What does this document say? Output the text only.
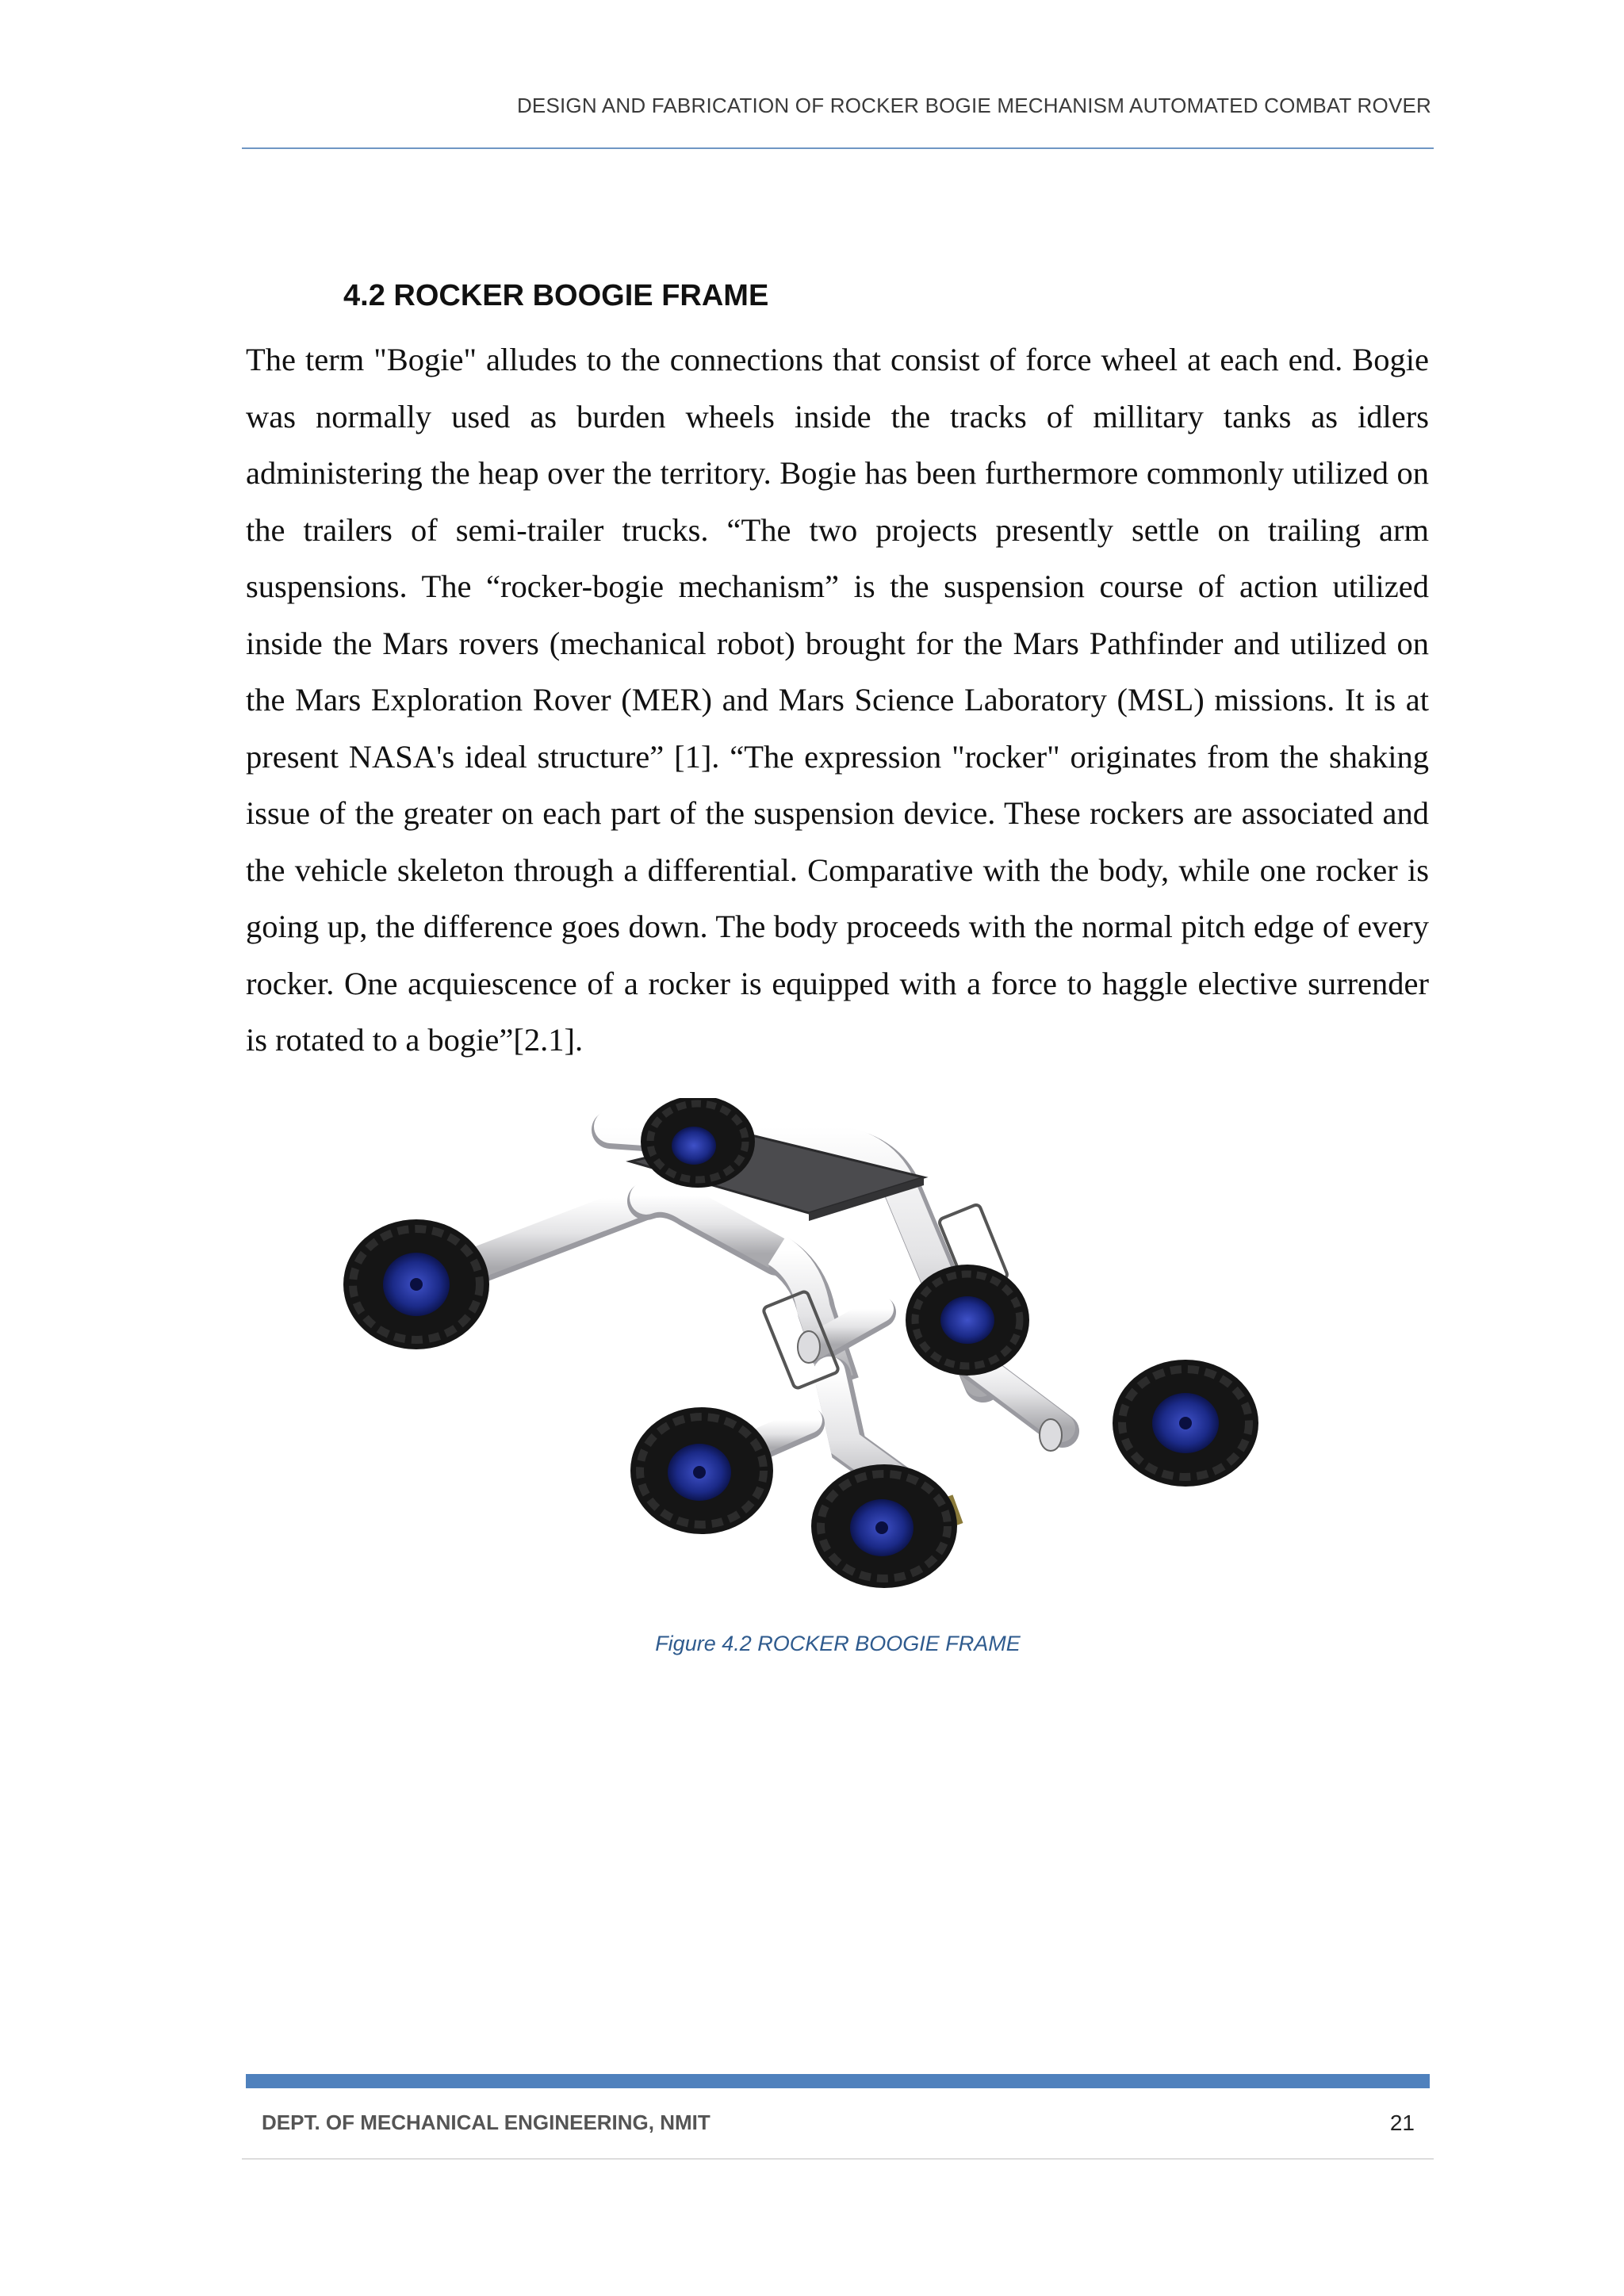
DESIGN AND FABRICATION OF ROCKER BOGIE MECHANISM AUTOMATED COMBAT ROVER
4.2 ROCKER BOOGIE FRAME

The term "Bogie" alludes to the connections that consist of force wheel at each end. Bogie was normally used as burden wheels inside the tracks of millitary tanks as idlers administering the heap over the territory. Bogie has been furthermore commonly utilized on the trailers of semi-trailer trucks. “The two projects presently settle on trailing arm suspensions. The “rocker-bogie mechanism” is the suspension course of action utilized inside the Mars rovers (mechanical robot) brought for the Mars Pathfinder and utilized on the Mars Exploration Rover (MER) and Mars Science Laboratory (MSL) missions. It is at present NASA's ideal structure” [1]. “The expression "rocker" originates from the shaking issue of the greater on each part of the suspension device. These rockers are associated and the vehicle skeleton through a differential. Comparative with the body, while one rocker is going up, the difference goes down. The body proceeds with the normal pitch edge of every rocker. One acquiescence of a rocker is equipped with a force to haggle elective surrender is rotated to a bogie”[2.1].

Figure 4.2 ROCKER BOOGIE FRAME
DEPT. OF MECHANICAL ENGINEERING, NMIT	21
